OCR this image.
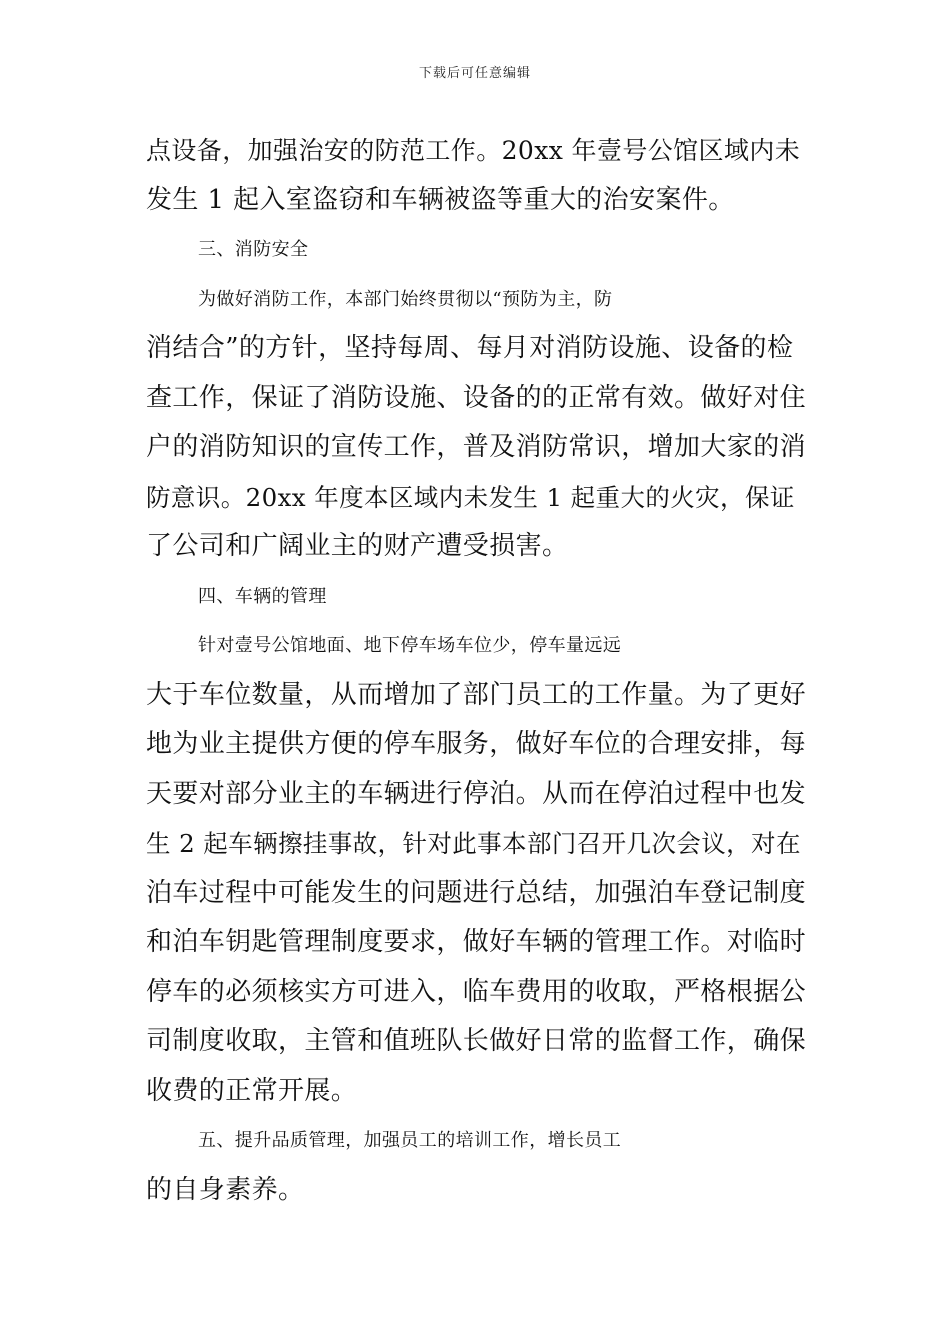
下载后可任意编辑
点设备，加强治安的防范工作。20xx 年壹号公馆区域内未
发生 1 起入室盗窃和车辆被盗等重大的治安案件。
三、消防安全
为做好消防工作，本部门始终贯彻以“预防为主，防
消结合”的方针，坚持每周、每月对消防设施、设备的检
查工作，保证了消防设施、设备的的正常有效。做好对住
户的消防知识的宣传工作，普及消防常识，增加大家的消
防意识。20xx 年度本区域内未发生 1 起重大的火灾，保证
了公司和广阔业主的财产遭受损害。
四、车辆的管理
针对壹号公馆地面、地下停车场车位少，停车量远远
大于车位数量，从而增加了部门员工的工作量。为了更好
地为业主提供方便的停车服务，做好车位的合理安排，每
天要对部分业主的车辆进行停泊。从而在停泊过程中也发
生 2 起车辆擦挂事故，针对此事本部门召开几次会议，对在
泊车过程中可能发生的问题进行总结，加强泊车登记制度
和泊车钥匙管理制度要求，做好车辆的管理工作。对临时
停车的必须核实方可进入，临车费用的收取，严格根据公
司制度收取，主管和值班队长做好日常的监督工作，确保
收费的正常开展。
五、提升品质管理，加强员工的培训工作，增长员工
的自身素养。
